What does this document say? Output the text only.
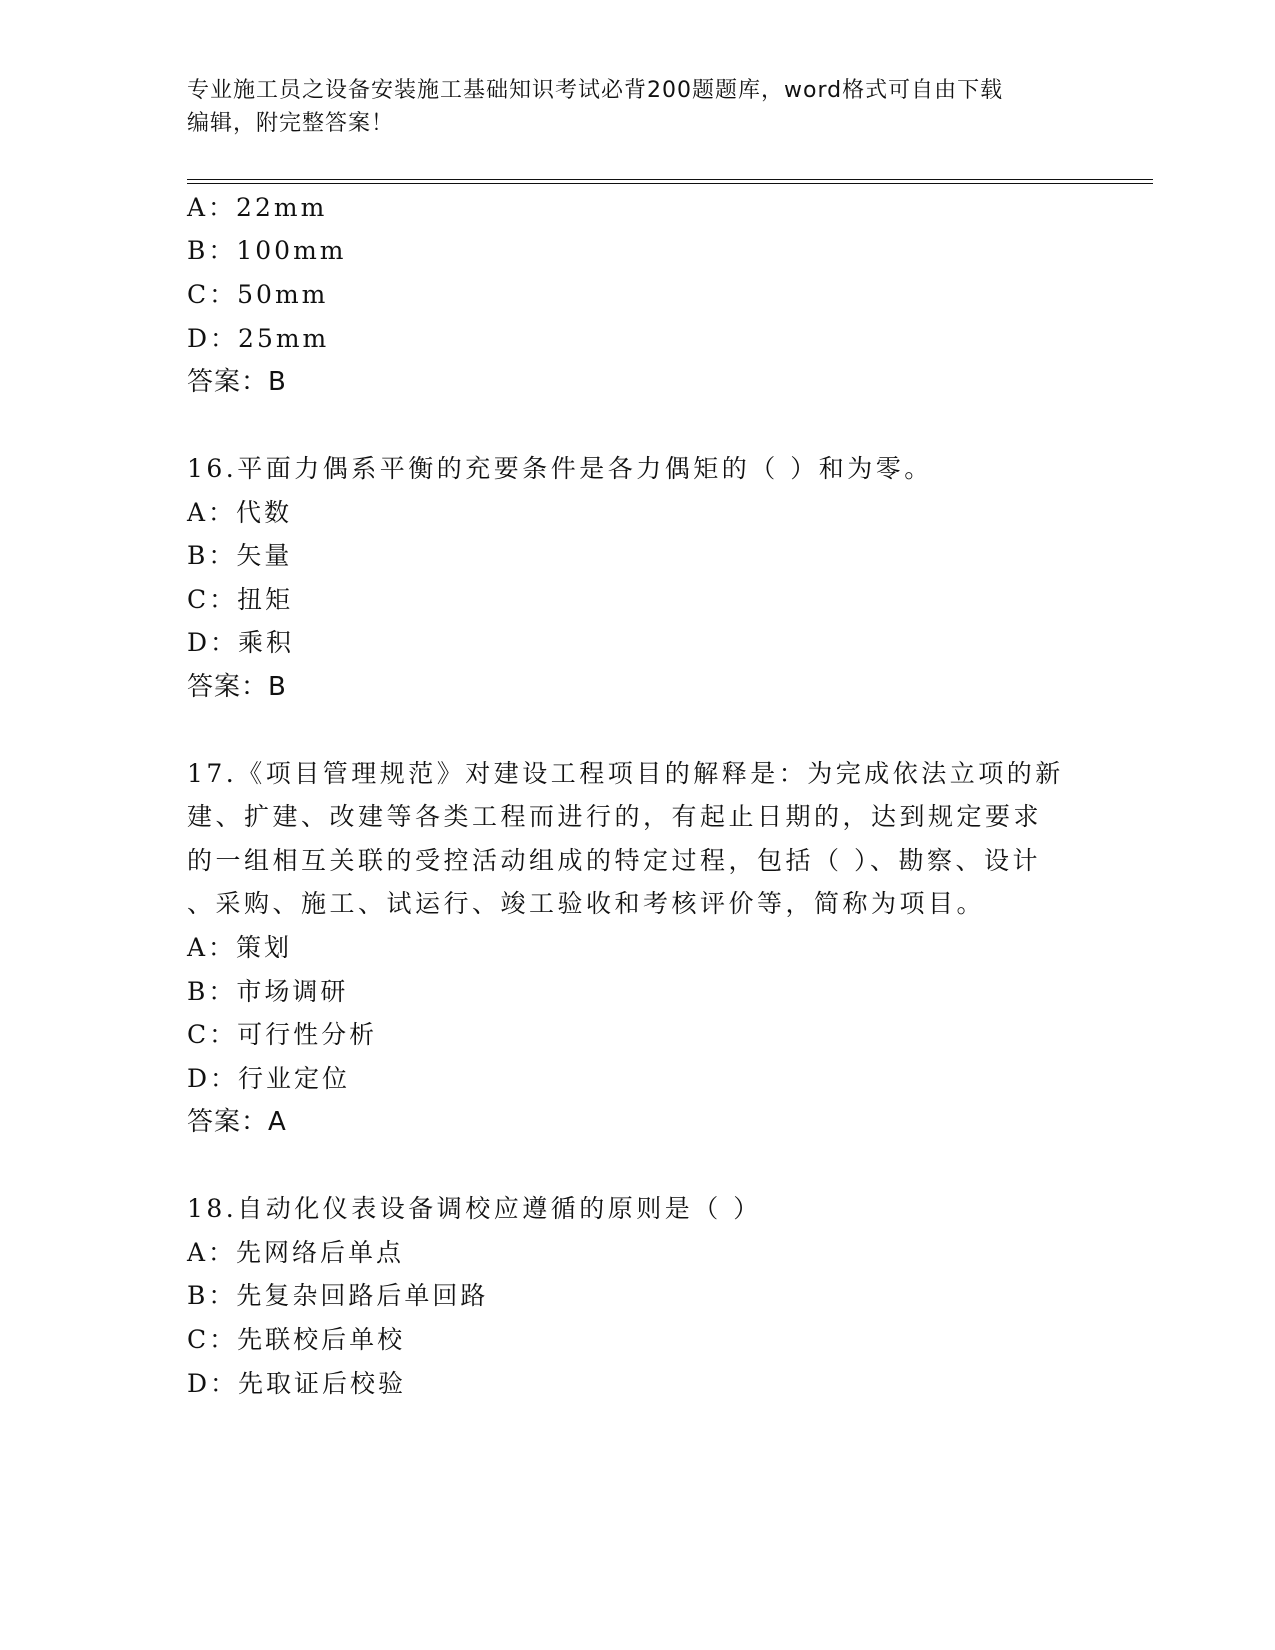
专业施工员之设备安装施工基础知识考试必背200题题库，word格式可自由下载
编辑，附完整答案！
A：22mm
B：100mm
C：50mm
D：25mm
答案：B
16.平面力偶系平衡的充要条件是各力偶矩的（ ）和为零。
A：代数
B：矢量
C：扭矩
D：乘积
答案：B
17.《项目管理规范》对建设工程项目的解释是：为完成依法立项的新
建、扩建、改建等各类工程而进行的，有起止日期的，达到规定要求
的一组相互关联的受控活动组成的特定过程，包括（ ）、勘察、设计
、采购、施工、试运行、竣工验收和考核评价等，简称为项目。
A：策划
B：市场调研
C：可行性分析
D：行业定位
答案：A
18.自动化仪表设备调校应遵循的原则是（ ）
A：先网络后单点
B：先复杂回路后单回路
C：先联校后单校
D：先取证后校验
